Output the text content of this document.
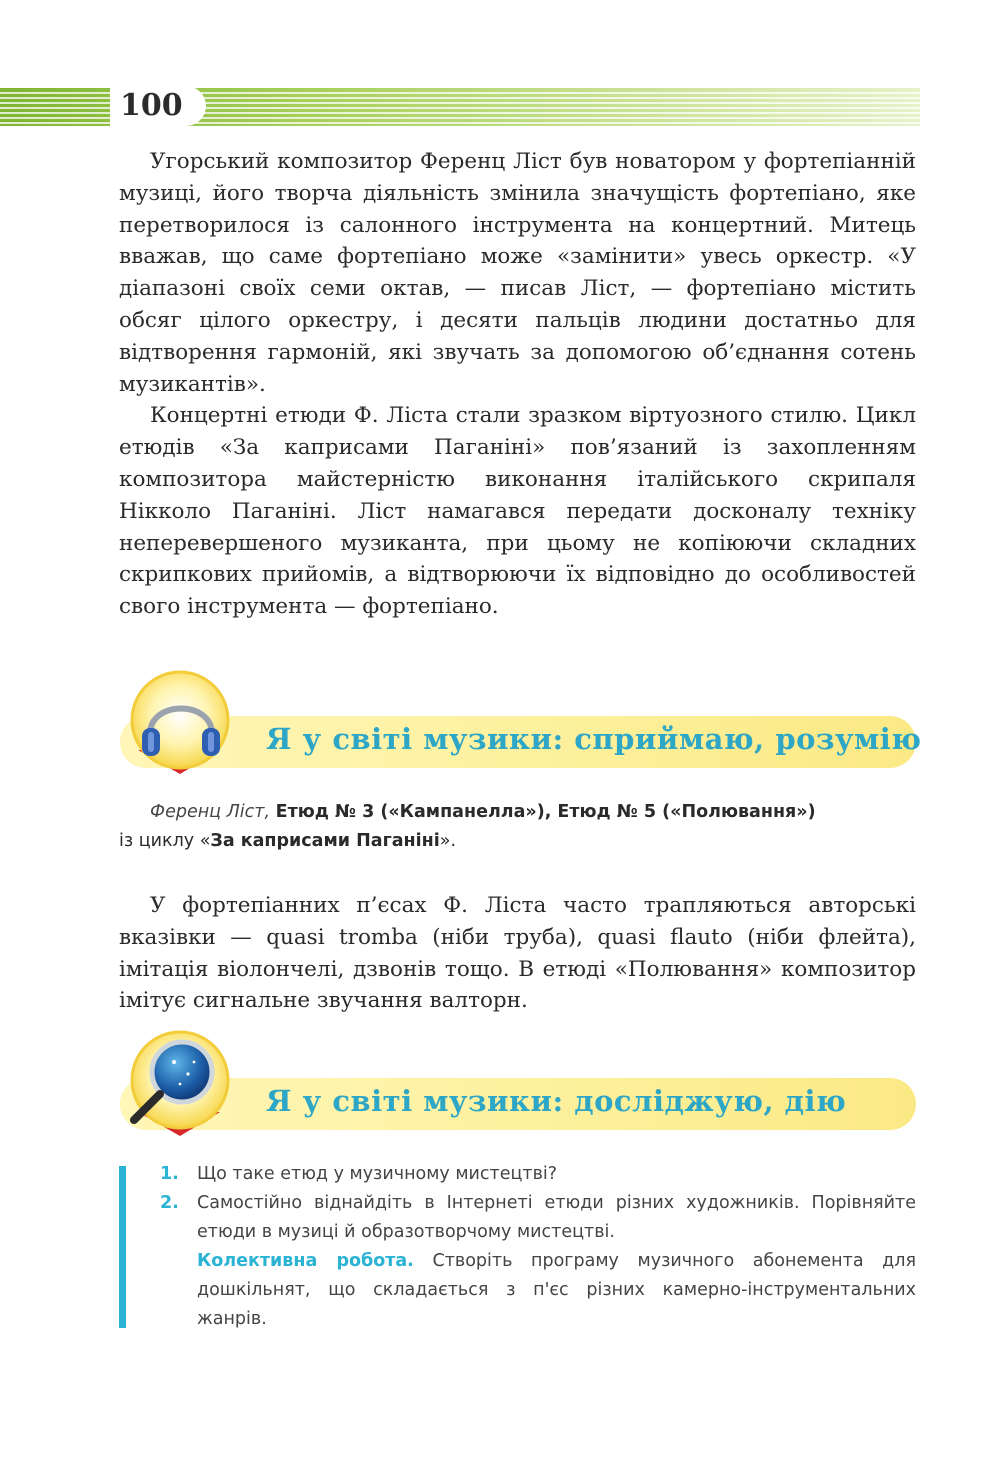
100

Угорський композитор Ференц Ліст був новатором у фортепіанній музиці, його творча діяльність змінила значущість фортепіано, яке перетворилося із салонного інструмента на концертний. Митець вважав, що саме фортепіано може «замінити» увесь оркестр. «У діапазоні своїх семи октав, — писав Ліст, — фортепіано містить обсяг цілого оркестру, і десяти пальців людини достатньо для відтворення гармоній, які звучать за допомогою об’єднання сотень музикантів».

Концертні етюди Ф. Ліста стали зразком віртуозного стилю. Цикл етюдів «За каприсами Паганіні» пов’язаний із захопленням композитора майстерністю виконання італійського скрипаля Нікколо Паганіні. Ліст намагався передати досконалу техніку неперевершеного музиканта, при цьому не копіюючи складних скрипкових прийомів, а відтворюючи їх відповідно до особливостей свого інструмента — фортепіано.

Я у світі музики: сприймаю, розумію
Ференц Ліст, Етюд № 3 («Кампанелла»), Етюд № 5 («Полювання»)
із циклу «За каприсами Паганіні».

У фортепіанних п’єсах Ф. Ліста часто трапляються авторські вказівки — quasi tromba (ніби труба), quasi flauto (ніби флейта), імітація віолончелі, дзвонів тощо. В етюді «Полювання» композитор імітує сигнальне звучання валторн.

Я у світі музики: досліджую, дію
1. Що таке етюд у музичному мистецтві?
2. Самостійно віднайдіть в Інтернеті етюди різних художників. Порівняйте етюди в музиці й образотворчому мистецтві.
Колективна робота. Створіть програму музичного абонемента для дошкільнят, що складається з п'єс різних камерно-інструментальних жанрів.
